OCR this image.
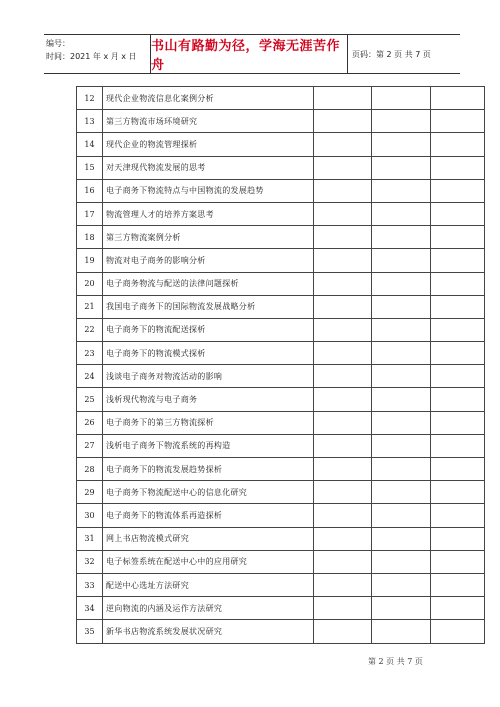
编号：
时间：2021 年 x 月 x 日
书山有路勤为径，学海无涯苦作舟
页码：第 2 页 共 7 页
12	现代企业物流信息化案例分析			
13	第三方物流市场环境研究			
14	现代企业的物流管理探析			
15	对天津现代物流发展的思考			
16	电子商务下物流特点与中国物流的发展趋势			
17	物流管理人才的培养方案思考			
18	第三方物流案例分析			
19	物流对电子商务的影响分析			
20	电子商务物流与配送的法律问题探析			
21	我国电子商务下的国际物流发展战略分析			
22	电子商务下的物流配送探析			
23	电子商务下的物流模式探析			
24	浅谈电子商务对物流活动的影响			
25	浅析现代物流与电子商务			
26	电子商务下的第三方物流探析			
27	浅析电子商务下物流系统的再构造			
28	电子商务下的物流发展趋势探析			
29	电子商务下物流配送中心的信息化研究			
30	电子商务下的物流体系再造探析			
31	网上书店物流模式研究			
32	电子标签系统在配送中心中的应用研究			
33	配送中心选址方法研究			
34	逆向物流的内涵及运作方法研究			
35	新华书店物流系统发展状况研究			
第 2 页 共 7 页
